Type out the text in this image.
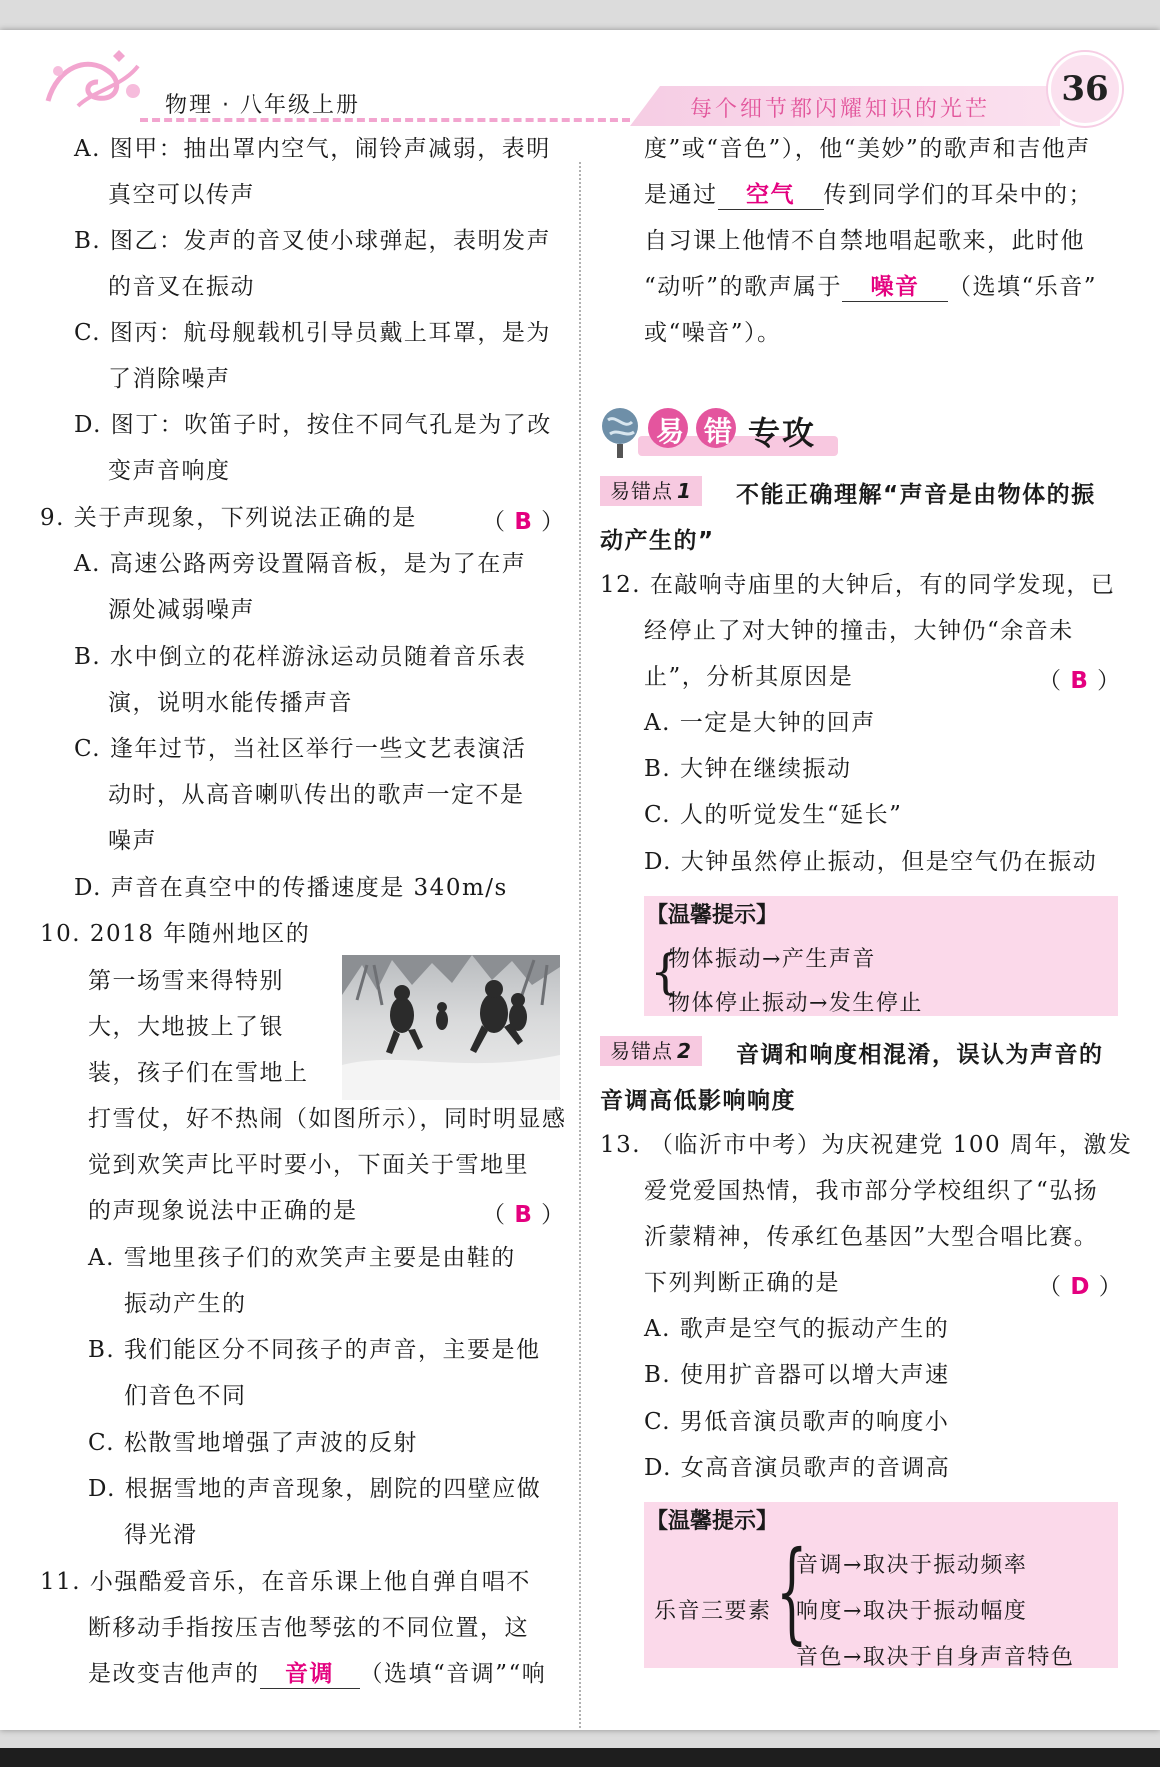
物理 · 八年级上册	每个细节都闪耀知识的光芒
36
A. 图甲：抽出罩内空气，闹铃声减弱，表明
真空可以传声
B. 图乙：发声的音叉使小球弹起，表明发声
的音叉在振动
C. 图丙：航母舰载机引导员戴上耳罩，是为
了消除噪声
D. 图丁：吹笛子时，按住不同气孔是为了改
变声音响度
9. 关于声现象，下列说法正确的是	（ B ）
A. 高速公路两旁设置隔音板，是为了在声
源处减弱噪声
B. 水中倒立的花样游泳运动员随着音乐表
演，说明水能传播声音
C. 逢年过节，当社区举行一些文艺表演活
动时，从高音喇叭传出的歌声一定不是
噪声
D. 声音在真空中的传播速度是 340m/s
10. 2018 年随州地区的
第一场雪来得特别
大，大地披上了银
装，孩子们在雪地上
打雪仗，好不热闹（如图所示），同时明显感
觉到欢笑声比平时要小，下面关于雪地里
的声现象说法中正确的是	（ B ）
A. 雪地里孩子们的欢笑声主要是由鞋的
振动产生的
B. 我们能区分不同孩子的声音，主要是他
们音色不同
C. 松散雪地增强了声波的反射
D. 根据雪地的声音现象，剧院的四壁应做
得光滑
11. 小强酷爱音乐，在音乐课上他自弹自唱不
断移动手指按压吉他琴弦的不同位置，这
是改变吉他声的 音调 （选填“音调”“响
度”或“音色”），他“美妙”的歌声和吉他声
是通过 空气 传到同学们的耳朵中的；
自习课上他情不自禁地唱起歌来，此时他
“动听”的歌声属于 噪音 （选填“乐音”
或“噪音”）。
易 错 专攻
易错点 1	不能正确理解“声音是由物体的振
动产生的”
12. 在敲响寺庙里的大钟后，有的同学发现，已
经停止了对大钟的撞击，大钟仍“余音未
止”，分析其原因是	（ B ）
A. 一定是大钟的回声
B. 大钟在继续振动
C. 人的听觉发生“延长”
D. 大钟虽然停止振动，但是空气仍在振动
【温馨提示】
{
物体振动→产生声音
物体停止振动→发生停止
易错点 2	音调和响度相混淆，误认为声音的
音调高低影响响度
13. （临沂市中考）为庆祝建党 100 周年，激发
爱党爱国热情，我市部分学校组织了“弘扬
沂蒙精神，传承红色基因”大型合唱比赛。
下列判断正确的是	（ D ）
A. 歌声是空气的振动产生的
B. 使用扩音器可以增大声速
C. 男低音演员歌声的响度小
D. 女高音演员歌声的音调高
【温馨提示】
乐音三要素 {
音调→取决于振动频率
响度→取决于振动幅度
音色→取决于自身声音特色
